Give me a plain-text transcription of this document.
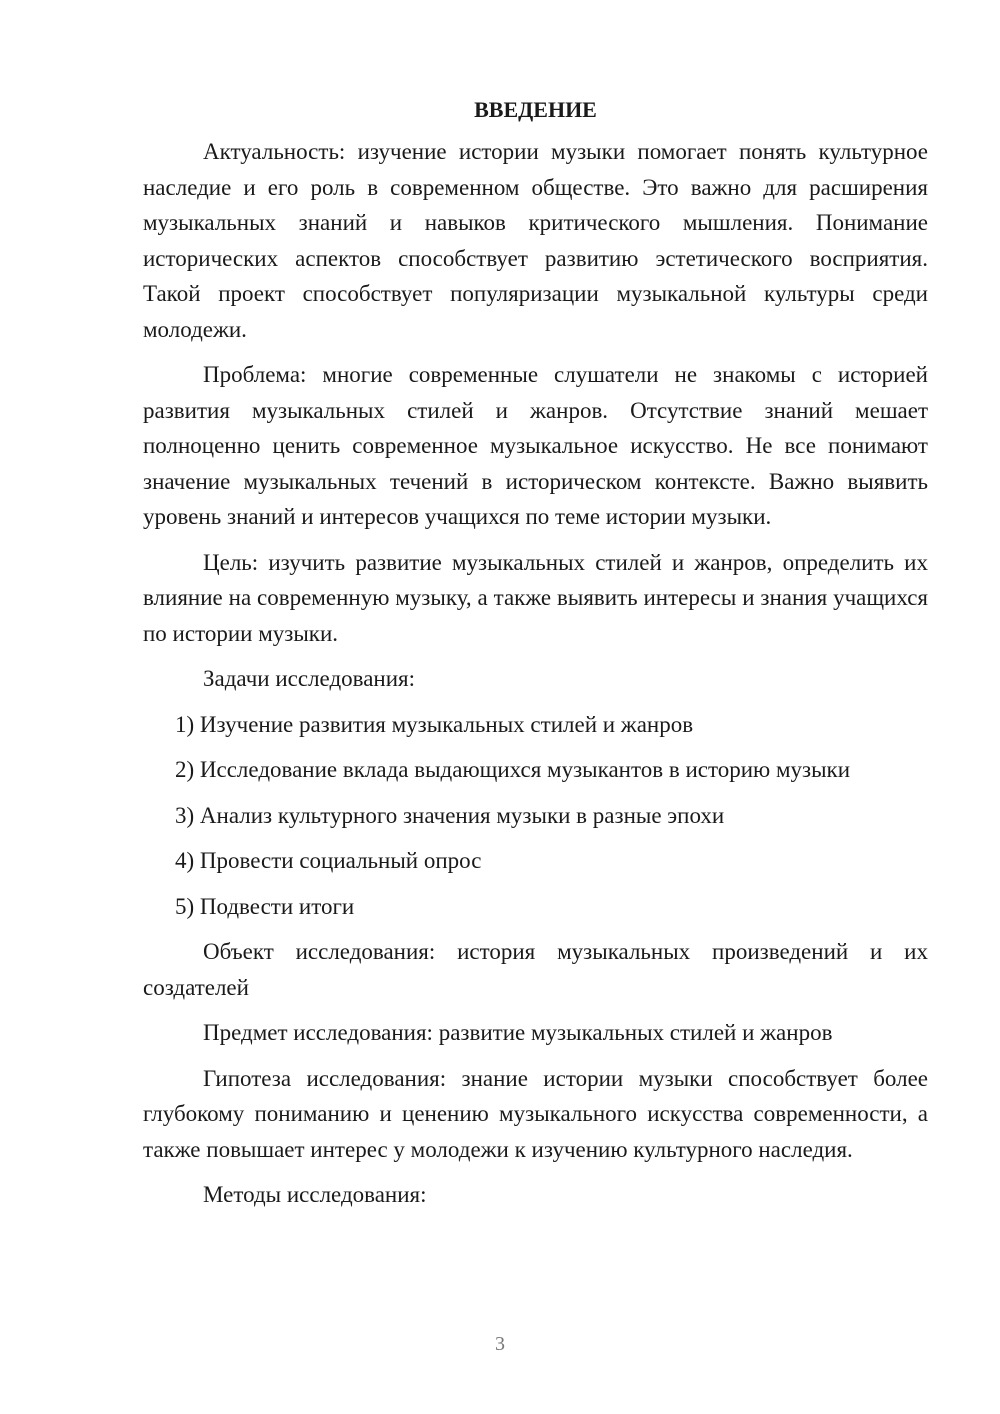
ВВЕДЕНИЕ

Актуальность: изучение истории музыки помогает понять культурное наследие и его роль в современном обществе. Это важно для расширения музыкальных знаний и навыков критического мышления. Понимание исторических аспектов способствует развитию эстетического восприятия. Такой проект способствует популяризации музыкальной культуры среди молодежи.

Проблема: многие современные слушатели не знакомы с историей развития музыкальных стилей и жанров. Отсутствие знаний мешает полноценно ценить современное музыкальное искусство. Не все понимают значение музыкальных течений в историческом контексте. Важно выявить уровень знаний и интересов учащихся по теме истории музыки.

Цель: изучить развитие музыкальных стилей и жанров, определить их влияние на современную музыку, а также выявить интересы и знания учащихся по истории музыки.

Задачи исследования:
1) Изучение развития музыкальных стилей и жанров
2) Исследование вклада выдающихся музыкантов в историю музыки
3) Анализ культурного значения музыки в разные эпохи
4) Провести социальный опрос
5) Подвести итоги

Объект исследования: история музыкальных произведений и их создателей

Предмет исследования: развитие музыкальных стилей и жанров

Гипотеза исследования: знание истории музыки способствует более глубокому пониманию и ценению музыкального искусства современности, а также повышает интерес у молодежи к изучению культурного наследия.

Методы исследования:
3
